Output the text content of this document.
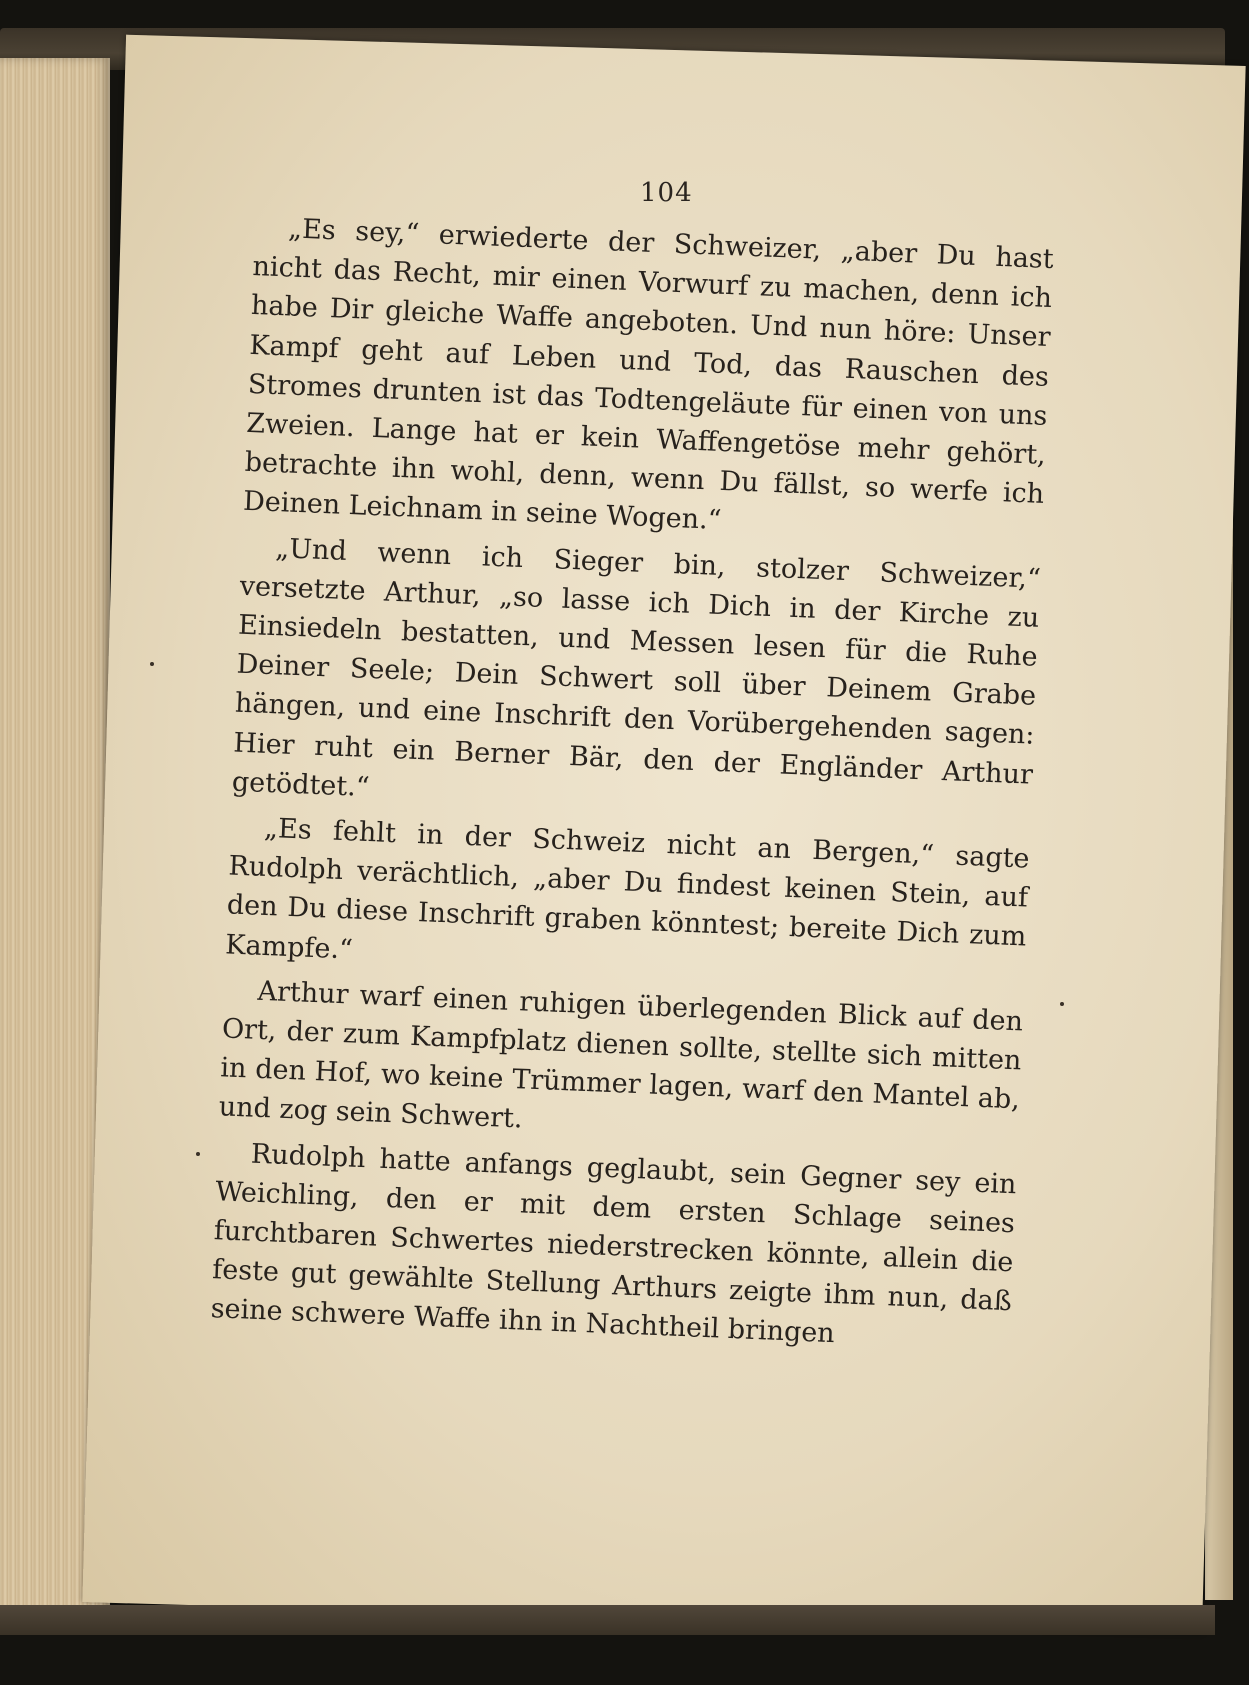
104

„Es sey,“ erwiederte der Schweizer, „aber Du hast nicht das Recht, mir einen Vorwurf zu machen, denn ich habe Dir gleiche Waffe angeboten. Und nun höre: Unser Kampf geht auf Leben und Tod, das Rauschen des Stromes drunten ist das Todtengeläute für einen von uns Zweien. Lange hat er kein Waffengetöse mehr gehört, betrachte ihn wohl, denn, wenn Du fällst, so werfe ich Deinen Leichnam in seine Wogen.“

„Und wenn ich Sieger bin, stolzer Schweizer,“ versetzte Arthur, „so lasse ich Dich in der Kirche zu Einsiedeln bestatten, und Messen lesen für die Ruhe Deiner Seele; Dein Schwert soll über Deinem Grabe hängen, und eine Inschrift den Vorübergehenden sagen: Hier ruht ein Berner Bär, den der Engländer Arthur getödtet.“

„Es fehlt in der Schweiz nicht an Bergen,“ sagte Rudolph verächtlich, „aber Du findest keinen Stein, auf den Du diese Inschrift graben könntest; bereite Dich zum Kampfe.“

Arthur warf einen ruhigen überlegenden Blick auf den Ort, der zum Kampfplatz dienen sollte, stellte sich mitten in den Hof, wo keine Trümmer lagen, warf den Mantel ab, und zog sein Schwert.

Rudolph hatte anfangs geglaubt, sein Gegner sey ein Weichling, den er mit dem ersten Schlage seines furchtbaren Schwertes niederstrecken könnte, allein die feste gut gewählte Stellung Arthurs zeigte ihm nun, daß seine schwere Waffe ihn in Nachtheil bringen
